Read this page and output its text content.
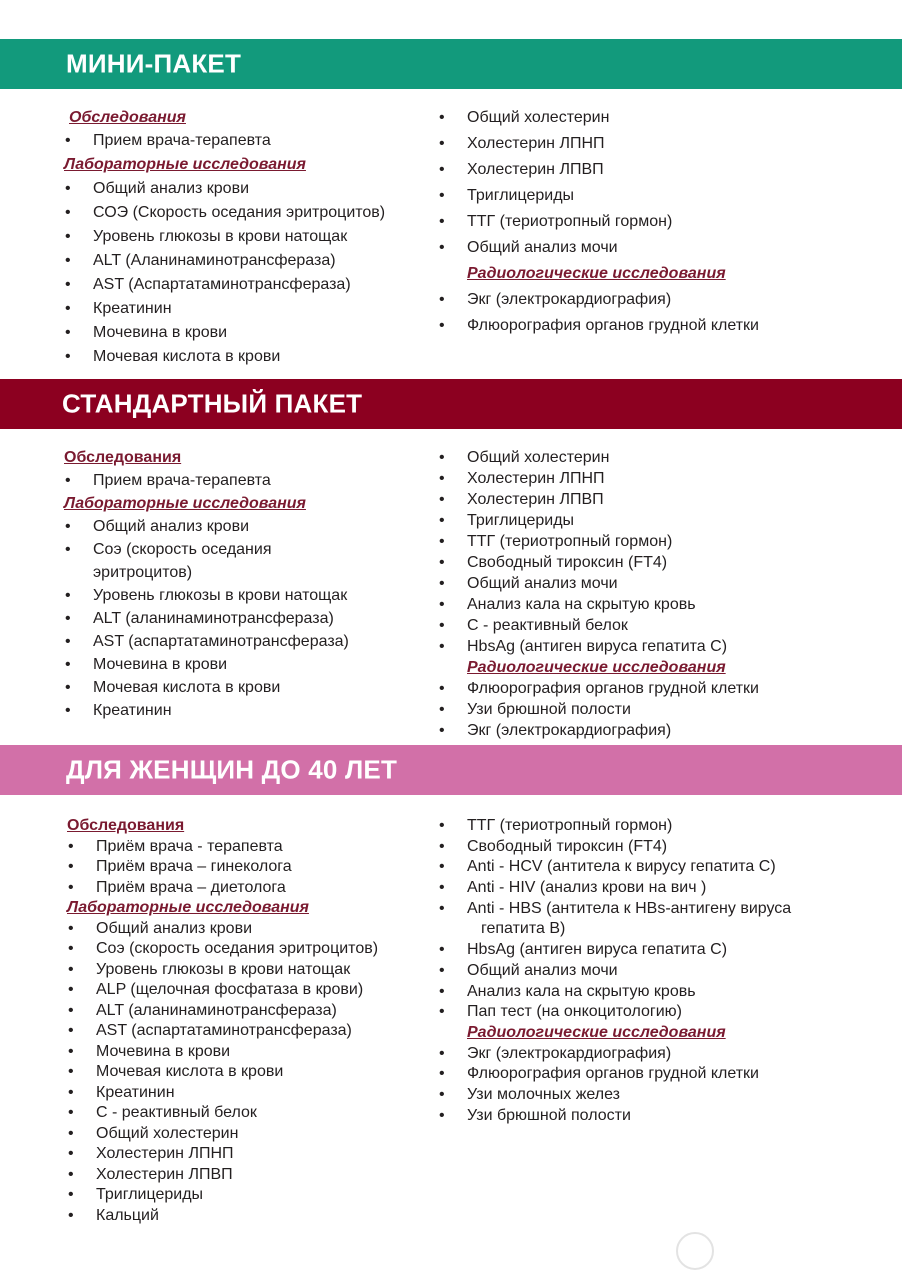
МИНИ-ПАКЕТ
Обследования
• Прием врача-терапевта
Лабораторные исследования
• Общий анализ крови
• СОЭ (Скорость оседания эритроцитов)
• Уровень глюкозы в крови натощак
• ALT (Аланинаминотрансфераза)
• AST (Аспартатаминотрансфераза)
• Креатинин
• Мочевина в крови
• Мочевая кислота в крови
• Общий холестерин
• Холестерин ЛПНП
• Холестерин ЛПВП
• Триглицериды
• ТТГ (териотропный гормон)
• Общий анализ мочи
Радиологические исследования
• Экг (электрокардиография)
• Флюорография органов грудной клетки
СТАНДАРТНЫЙ ПАКЕТ
Обследования
• Прием врача-терапевта
Лабораторные исследования
• Общий анализ крови
• Соэ (скорость оседания
эритроцитов)
• Уровень глюкозы в крови натощак
• ALT (аланинаминотрансфераза)
• AST (аспартатаминотрансфераза)
• Мочевина в крови
• Мочевая кислота в крови
• Креатинин
• Общий холестерин
• Холестерин ЛПНП
• Холестерин ЛПВП
• Триглицериды
• ТТГ (териотропный гормон)
• Свободный тироксин (FT4)
• Общий анализ мочи
• Анализ кала на скрытую кровь
• С - реактивный белок
• HbsAg (антиген вируса гепатита С)
Радиологические исследования
• Флюорография органов грудной клетки
• Узи брюшной полости
• Экг (электрокардиография)
ДЛЯ ЖЕНЩИН ДО 40 ЛЕТ
Обследования
• Приём врача - терапевта
• Приём врача – гинеколога
• Приём врача – диетолога
Лабораторные исследования
• Общий анализ крови
• Соэ (скорость оседания эритроцитов)
• Уровень глюкозы в крови натощак
• ALP (щелочная фосфатаза в крови)
• ALT (аланинаминотрансфераза)
• AST (аспартатаминотрансфераза)
• Мочевина в крови
• Мочевая кислота в крови
• Креатинин
• С - реактивный белок
• Общий холестерин
• Холестерин ЛПНП
• Холестерин ЛПВП
• Триглицериды
• Кальций
• ТТГ (териотропный гормон)
• Свободный тироксин (FT4)
• Anti - HCV (антитела к вирусу гепатита С)
• Anti - HIV (анализ крови на вич )
• Anti - HBS (антитела к HBs-антигену вируса
гепатита В)
• HbsAg (антиген вируса гепатита С)
• Общий анализ мочи
• Анализ кала на скрытую кровь
• Пап тест (на онкоцитологию)
Радиологические исследования
• Экг (электрокардиография)
• Флюорография органов грудной клетки
• Узи молочных желез
• Узи брюшной полости
